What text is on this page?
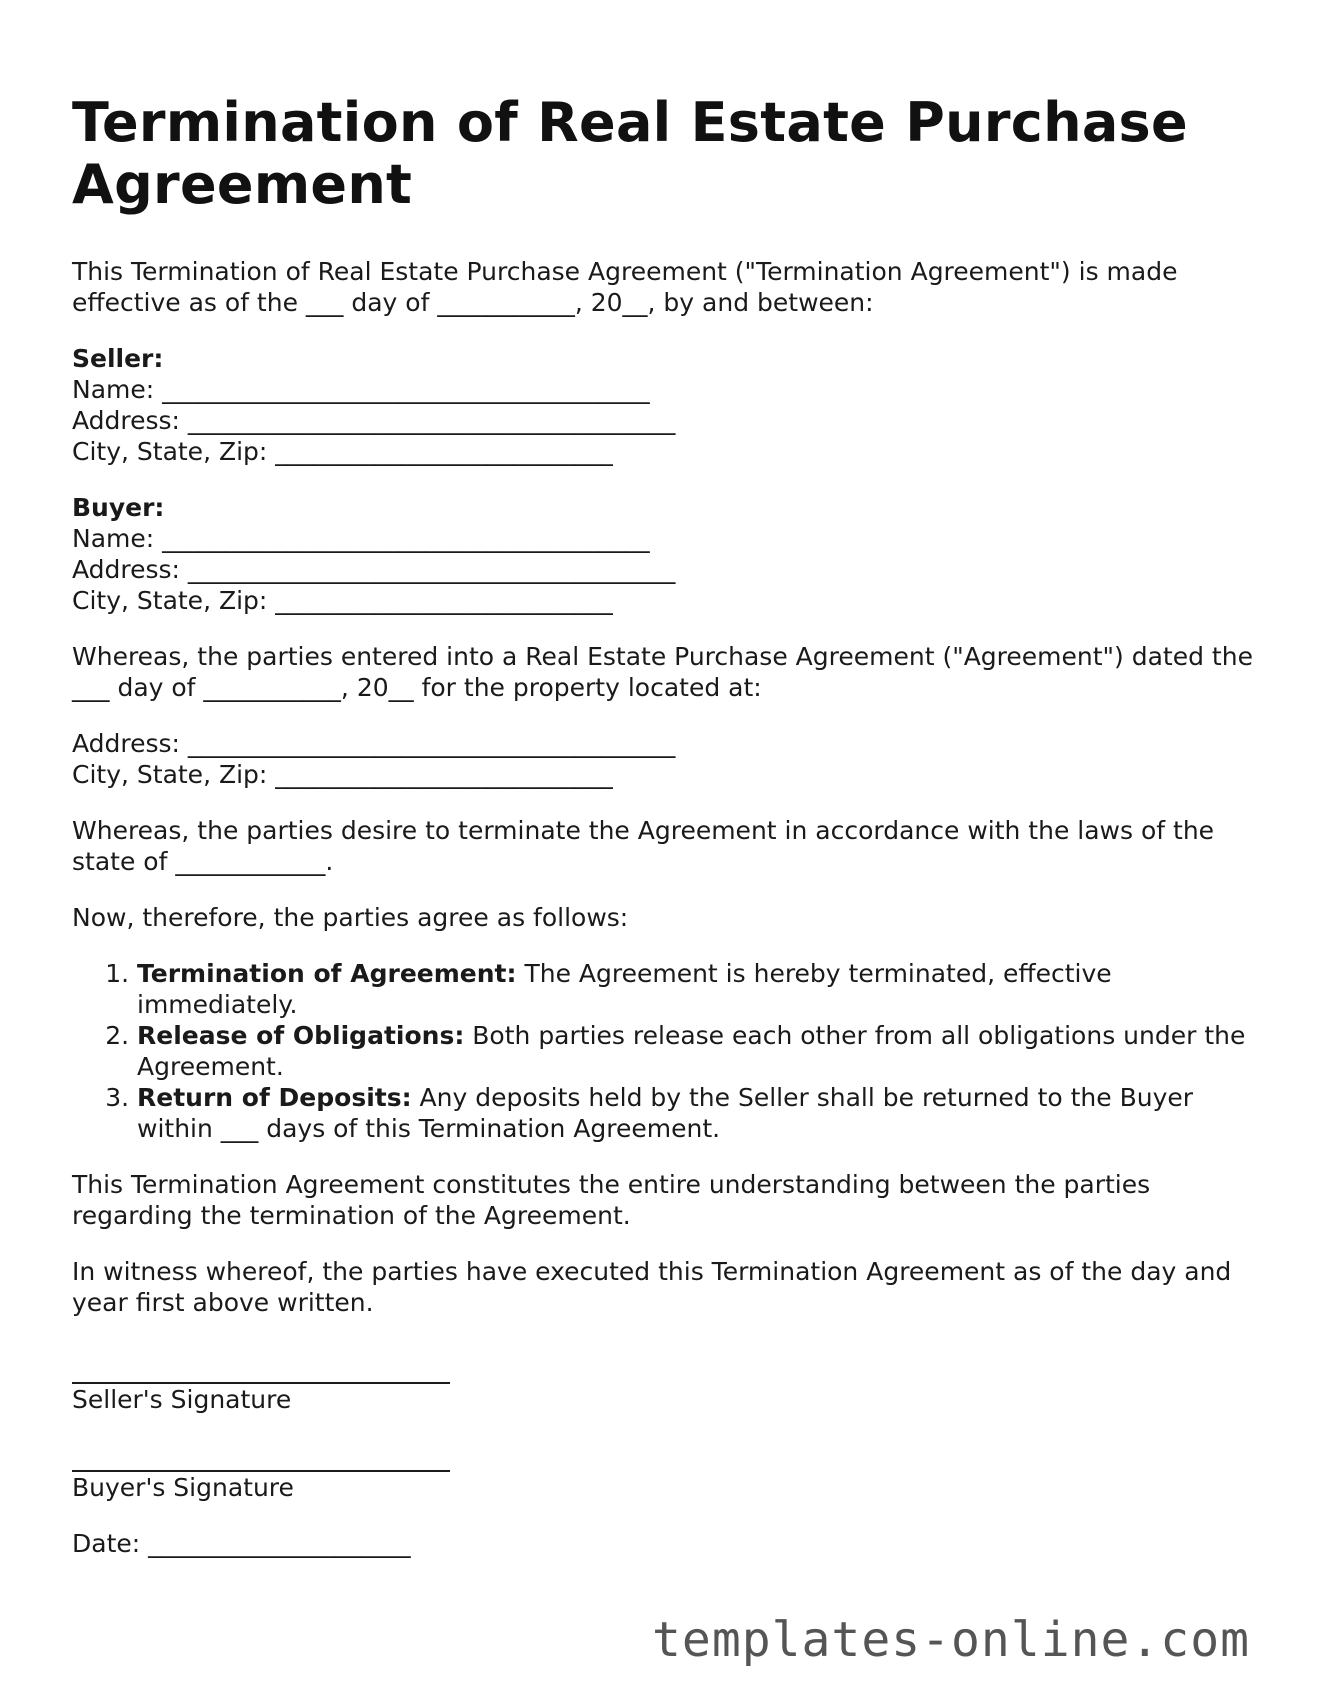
Termination of Real Estate Purchase Agreement

This Termination of Real Estate Purchase Agreement ("Termination Agreement") is made effective as of the ___ day of ___________, 20__, by and between:

Seller:
Name: _______________________________________
Address: _______________________________________
City, State, Zip: ___________________________
Buyer:
Name: _______________________________________
Address: _______________________________________
City, State, Zip: ___________________________

Whereas, the parties entered into a Real Estate Purchase Agreement ("Agreement") dated the ___ day of ___________, 20__ for the property located at:

Address: _______________________________________
City, State, Zip: ___________________________

Whereas, the parties desire to terminate the Agreement in accordance with the laws of the state of ____________.

Now, therefore, the parties agree as follows:

1. Termination of Agreement: The Agreement is hereby terminated, effective immediately.
2. Release of Obligations: Both parties release each other from all obligations under the Agreement.
3. Return of Deposits: Any deposits held by the Seller shall be returned to the Buyer within ___ days of this Termination Agreement.

This Termination Agreement constitutes the entire understanding between the parties regarding the termination of the Agreement.

In witness whereof, the parties have executed this Termination Agreement as of the day and year first above written.

Seller's Signature
Buyer's Signature

Date: _____________________

templates-online.com
